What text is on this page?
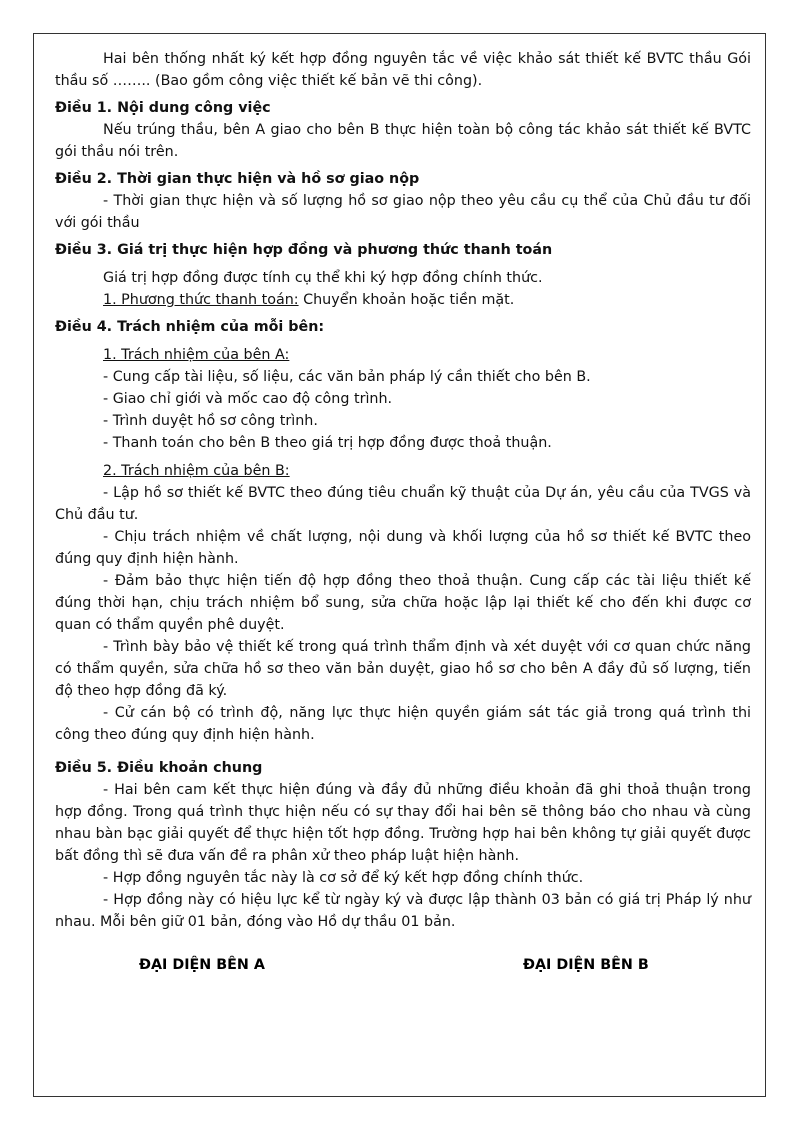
Hai bên thống nhất ký kết hợp đồng nguyên tắc về việc khảo sát thiết kế BVTC thầu Gói thầu số …….. (Bao gồm công việc thiết kế bản vẽ thi công).

Điều 1. Nội dung công việc

Nếu trúng thầu, bên A giao cho bên B thực hiện toàn bộ công tác khảo sát thiết kế BVTC gói thầu nói trên.

Điều 2. Thời gian thực hiện và hồ sơ giao nộp

- Thời gian thực hiện và số lượng hồ sơ giao nộp theo yêu cầu cụ thể của Chủ đầu tư đối với gói thầu

Điều 3. Giá trị thực hiện hợp đồng và phương thức thanh toán

Giá trị hợp đồng được tính cụ thể khi ký hợp đồng chính thức.

1. Phương thức thanh toán: Chuyển khoản hoặc tiền mặt.

Điều 4. Trách nhiệm của mỗi bên:

1. Trách nhiệm của bên A:

- Cung cấp tài liệu, số liệu, các văn bản pháp lý cần thiết cho bên B.

- Giao chỉ giới và mốc cao độ công trình.

- Trình duyệt hồ sơ công trình.

- Thanh toán cho bên B theo giá trị hợp đồng được thoả thuận.

2. Trách nhiệm của bên B:

- Lập hồ sơ thiết kế BVTC theo đúng tiêu chuẩn kỹ thuật của Dự án, yêu cầu của TVGS và Chủ đầu tư.

- Chịu trách nhiệm về chất lượng, nội dung và khối lượng của hồ sơ thiết kế BVTC theo đúng quy định hiện hành.

- Đảm bảo thực hiện tiến độ hợp đồng theo thoả thuận. Cung cấp các tài liệu thiết kế đúng thời hạn, chịu trách nhiệm bổ sung, sửa chữa hoặc lập lại thiết kế cho đến khi được cơ quan có thẩm quyền phê duyệt.

- Trình bày bảo vệ thiết kế trong quá trình thẩm định và xét duyệt với cơ quan chức năng có thẩm quyền, sửa chữa hồ sơ theo văn bản duyệt, giao hồ sơ cho bên A đầy đủ số lượng, tiến độ theo hợp đồng đã ký.

- Cử cán bộ có trình độ, năng lực thực hiện quyền giám sát tác giả trong quá trình thi công theo đúng quy định hiện hành.

Điều 5. Điều khoản chung

- Hai bên cam kết thực hiện đúng và đầy đủ những điều khoản đã ghi thoả thuận trong hợp đồng. Trong quá trình thực hiện nếu có sự thay đổi hai bên sẽ thông báo cho nhau và cùng nhau bàn bạc giải quyết để thực hiện tốt hợp đồng. Trường hợp hai bên không tự giải quyết được bất đồng thì sẽ đưa vấn đề ra phân xử theo pháp luật hiện hành.

- Hợp đồng nguyên tắc này là cơ sở để ký kết hợp đồng chính thức.

- Hợp đồng này có hiệu lực kể từ ngày ký và được lập thành 03 bản có giá trị Pháp lý như nhau. Mỗi bên giữ 01 bản, đóng vào Hồ dự thầu 01 bản.

ĐẠI DIỆN BÊN A	ĐẠI DIỆN BÊN B
